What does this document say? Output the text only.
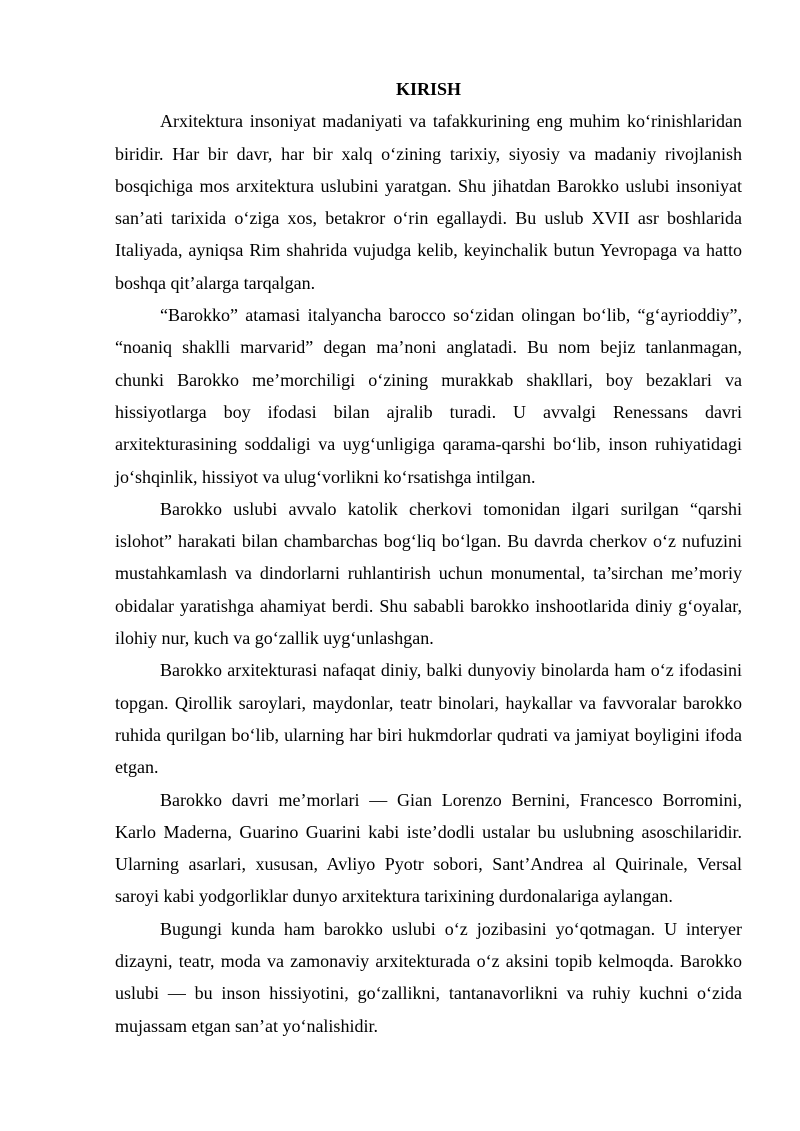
KIRISH

Arxitektura insoniyat madaniyati va tafakkurining eng muhim koʻrinishlaridan biridir. Har bir davr, har bir xalq oʻzining tarixiy, siyosiy va madaniy rivojlanish bosqichiga mos arxitektura uslubini yaratgan. Shu jihatdan Barokko uslubi insoniyat san’ati tarixida oʻziga xos, betakror oʻrin egallaydi. Bu uslub XVII asr boshlarida Italiyada, ayniqsa Rim shahrida vujudga kelib, keyinchalik butun Yevropaga va hatto boshqa qit’alarga tarqalgan.

“Barokko” atamasi italyancha barocco soʻzidan olingan boʻlib, “gʻayrioddiy”, “noaniq shaklli marvarid” degan ma’noni anglatadi. Bu nom bejiz tanlanmagan, chunki Barokko me’morchiligi oʻzining murakkab shakllari, boy bezaklari va hissiyotlarga boy ifodasi bilan ajralib turadi. U avvalgi Renessans davri arxitekturasining soddaligi va uygʻunligiga qarama-qarshi boʻlib, inson ruhiyatidagi joʻshqinlik, hissiyot va ulugʻvorlikni koʻrsatishga intilgan.

Barokko uslubi avvalo katolik cherkovi tomonidan ilgari surilgan “qarshi islohot” harakati bilan chambarchas bogʻliq boʻlgan. Bu davrda cherkov oʻz nufuzini mustahkamlash va dindorlarni ruhlantirish uchun monumental, ta’sirchan me’moriy obidalar yaratishga ahamiyat berdi. Shu sababli barokko inshootlarida diniy gʻoyalar, ilohiy nur, kuch va goʻzallik uygʻunlashgan.

Barokko arxitekturasi nafaqat diniy, balki dunyoviy binolarda ham oʻz ifodasini topgan. Qirollik saroylari, maydonlar, teatr binolari, haykallar va favvoralar barokko ruhida qurilgan boʻlib, ularning har biri hukmdorlar qudrati va jamiyat boyligini ifoda etgan.

Barokko davri me’morlari — Gian Lorenzo Bernini, Francesco Borromini, Karlo Maderna, Guarino Guarini kabi iste’dodli ustalar bu uslubning asoschilaridir. Ularning asarlari, xususan, Avliyo Pyotr sobori, Sant’Andrea al Quirinale, Versal saroyi kabi yodgorliklar dunyo arxitektura tarixining durdonalariga aylangan.

Bugungi kunda ham barokko uslubi oʻz jozibasini yoʻqotmagan. U interyer dizayni, teatr, moda va zamonaviy arxitekturada oʻz aksini topib kelmoqda. Barokko uslubi — bu inson hissiyotini, goʻzallikni, tantanavorlikni va ruhiy kuchni oʻzida mujassam etgan san’at yoʻnalishidir.
